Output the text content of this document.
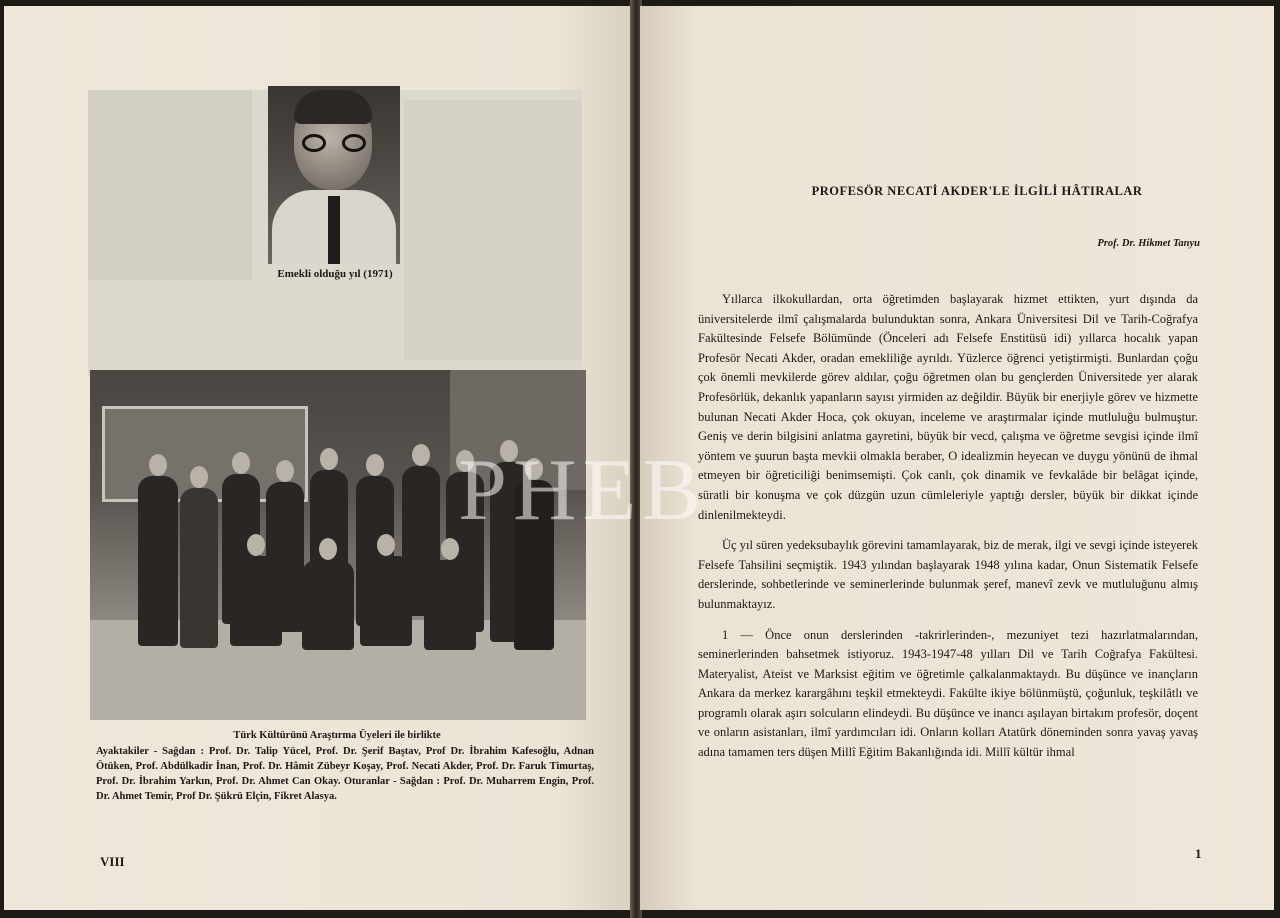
Emekli olduğu yıl (1971)
Türk Kültürünü Araştırma Üyeleri ile birlikte
Ayaktakiler - Sağdan : Prof. Dr. Talip Yücel, Prof. Dr. Şerif Baştav, Prof Dr. İbrahim Kafesoğlu, Adnan Ötüken, Prof. Abdülkadir İnan, Prof. Dr. Hâmit Zübeyr Koşay, Prof. Necati Akder, Prof. Dr. Faruk Timurtaş, Prof. Dr. İbrahim Yarkın, Prof. Dr. Ahmet Can Okay. Oturanlar - Sağdan : Prof. Dr. Muharrem Engin, Prof. Dr. Ahmet Temir, Prof Dr. Şükrü Elçin, Fikret Alasya.
VIII
PROFESÖR NECATİ AKDER'LE İLGİLİ HÂTIRALAR
Prof. Dr. Hikmet Tanyu

Yıllarca ilkokullardan, orta öğretimden başlayarak hizmet ettikten, yurt dışında da üniversitelerde ilmî çalışmalarda bulunduktan sonra, Ankara Üniversitesi Dil ve Tarih-Coğrafya Fakültesinde Felsefe Bölümünde (Önceleri adı Felsefe Enstitüsü idi) yıllarca hocalık yapan Profesör Necati Akder, oradan emekliliğe ayrıldı. Yüzlerce öğrenci yetiştirmişti. Bunlardan çoğu çok önemli mevkilerde görev aldılar, çoğu öğretmen olan bu gençlerden Üniversitede yer alarak Profesörlük, dekanlık yapanların sayısı yirmiden az değildir. Büyük bir enerjiyle görev ve hizmette bulunan Necati Akder Hoca, çok okuyan, inceleme ve araştırmalar içinde mutluluğu bulmuştur. Geniş ve derin bilgisini anlatma gayretini, büyük bir vecd, çalışma ve öğretme sevgisi içinde ilmî yöntem ve şuurun başta mevkii olmakla beraber, O idealizmin heyecan ve duygu yönünü de ihmal etmeyen bir öğreticiliği benimsemişti. Çok canlı, çok dinamik ve fevkalâde bir belâgat içinde, süratli bir konuşma ve çok düzgün uzun cümleleriyle yaptığı dersler, büyük bir dikkat içinde dinlenilmekteydi.

Üç yıl süren yedeksubaylık görevini tamamlayarak, biz de merak, ilgi ve sevgi içinde isteyerek Felsefe Tahsilini seçmiştik. 1943 yılından başlayarak 1948 yılına kadar, Onun Sistematik Felsefe derslerinde, sohbetlerinde ve seminerlerinde bulunmak şeref, manevî zevk ve mutluluğunu almış bulunmaktayız.

1 — Önce onun derslerinden -takrirlerinden-, mezuniyet tezi hazırlatmalarından, seminerlerinden bahsetmek istiyoruz. 1943-1947-48 yılları Dil ve Tarih Coğrafya Fakültesi. Materyalist, Ateist ve Marksist eğitim ve öğretimle çalkalanmaktaydı. Bu düşünce ve inançların Ankara da merkez karargâhını teşkil etmekteydi. Fakülte ikiye bölünmüştü, çoğunluk, teşkilâtlı ve programlı olarak aşırı solcuların elindeydi. Bu düşünce ve inancı aşılayan birtakım profesör, doçent ve onların asistanları, ilmî yardımcıları idi. Onların kolları Atatürk döneminden sonra yavaş yavaş adına tamamen ters düşen Millî Eğitim Bakanlığında idi. Millî kültür ihmal

1
PHEB
